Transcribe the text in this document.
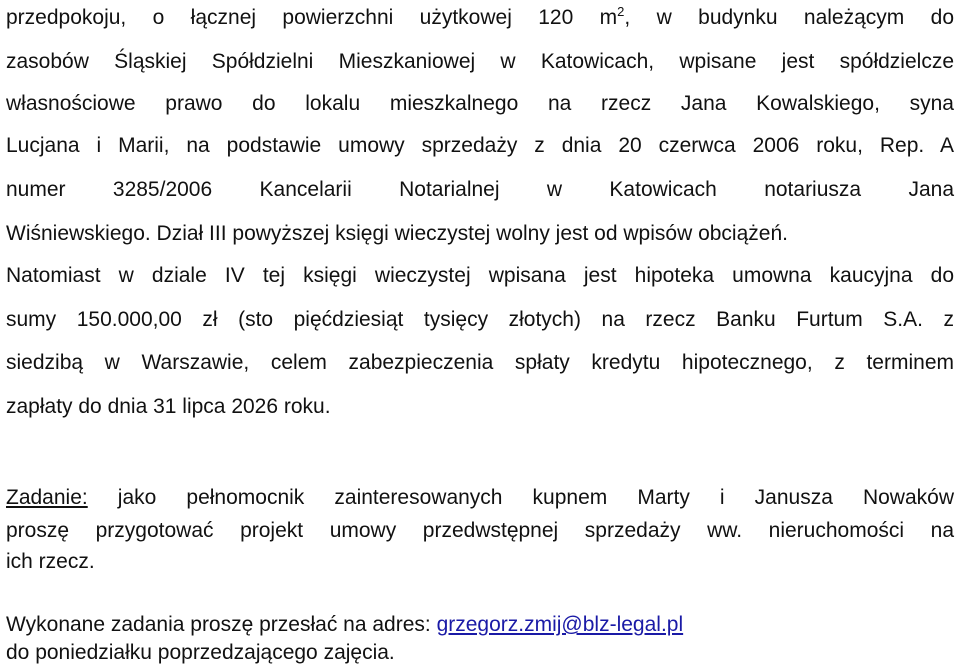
przedpokoju, o łącznej powierzchni użytkowej 120 $m^2$, w budynku należącym do
zasobów Śląskiej Spółdzielni Mieszkaniowej w Katowicach, wpisane jest spółdzielcze
własnościowe prawo do lokalu mieszkalnego na rzecz Jana Kowalskiego, syna
Lucjana i Marii, na podstawie umowy sprzedaży z dnia 20 czerwca 2006 roku, Rep. A
numer 3285/2006 Kancelarii Notarialnej w Katowicach notariusza Jana
Wiśniewskiego. Dział III powyższej księgi wieczystej wolny jest od wpisów obciążeń.
Natomiast w dziale IV tej księgi wieczystej wpisana jest hipoteka umowna kaucyjna do
sumy 150.000,00 zł (sto pięćdziesiąt tysięcy złotych) na rzecz Banku Furtum S.A. z
siedzibą w Warszawie, celem zabezpieczenia spłaty kredytu hipotecznego, z terminem
zapłaty do dnia 31 lipca 2026 roku.
Zadanie: jako pełnomocnik zainteresowanych kupnem Marty i Janusza Nowaków
proszę przygotować projekt umowy przedwstępnej sprzedaży ww. nieruchomości na
ich rzecz.
Wykonane zadania proszę przesłać na adres: grzegorz.zmij@blz-legal.pl
do poniedziałku poprzedzającego zajęcia.
